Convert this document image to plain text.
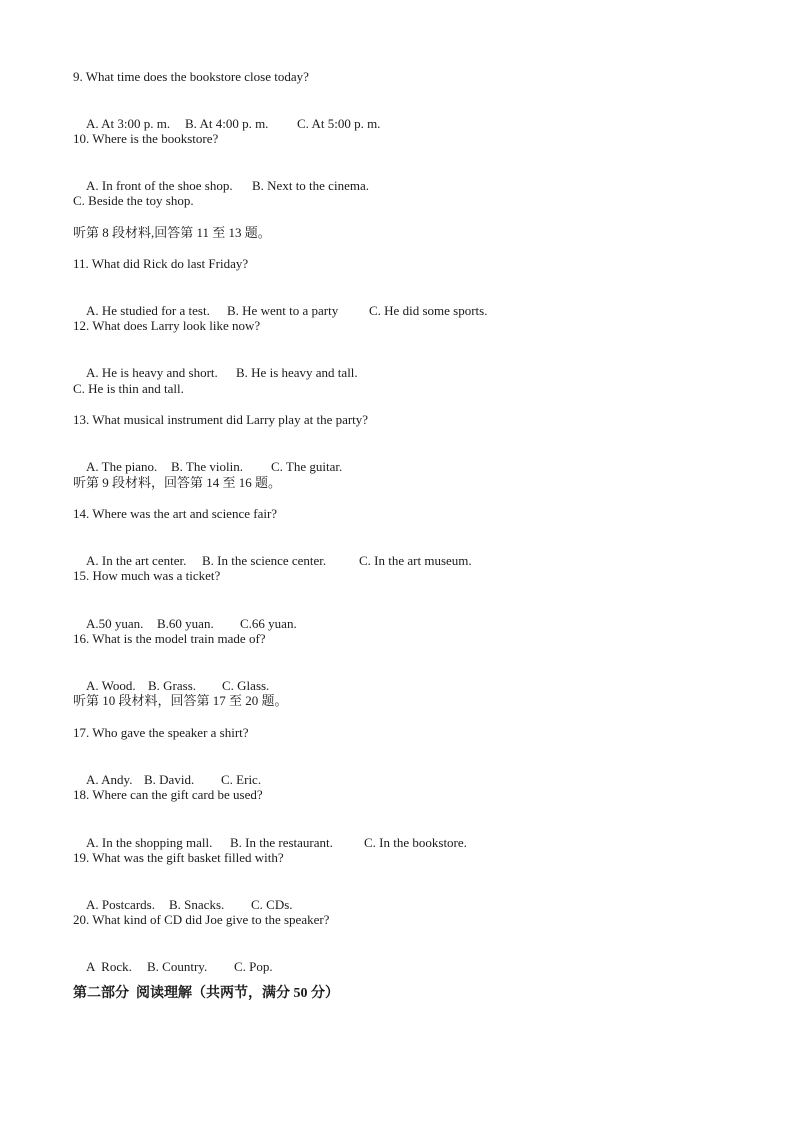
9. What time does the bookstore close today?

A. At 3:00 p. m. B. At 4:00 p. m. C. At 5:00 p. m.

10. Where is the bookstore?

A. In front of the shoe shop. B. Next to the cinema.

C. Beside the toy shop.
听第 8 段材料,回答第 11 至 13 题。
11. What did Rick do last Friday?

A. He studied for a test. B. He went to a party C. He did some sports.

12. What does Larry look like now?

A. He is heavy and short. B. He is heavy and tall.

C. He is thin and tall.
13. What musical instrument did Larry play at the party?

A. The piano. B. The violin. C. The guitar.

听第 9 段材料，回答第 14 至 16 题。
14. Where was the art and science fair?

A. In the art center. B. In the science center.	C. In the art museum.

15. How much was a ticket?

A.50 yuan. B.60 yuan. C.66 yuan.

16. What is the model train made of?

A. Wood. B. Grass. C. Glass.

听第 10 段材料，回答第 17 至 20 题。
17. Who gave the speaker a shirt?

A. Andy. B. David. C. Eric.

18. Where can the gift card be used?

A. In the shopping mall. B. In the restaurant. C. In the bookstore.

19. What was the gift basket filled with?

A. Postcards. B. Snacks. C. CDs.

20. What kind of CD did Joe give to the speaker?

A  Rock. B. Country. C. Pop.

第二部分  阅读理解（共两节，满分 50 分）
